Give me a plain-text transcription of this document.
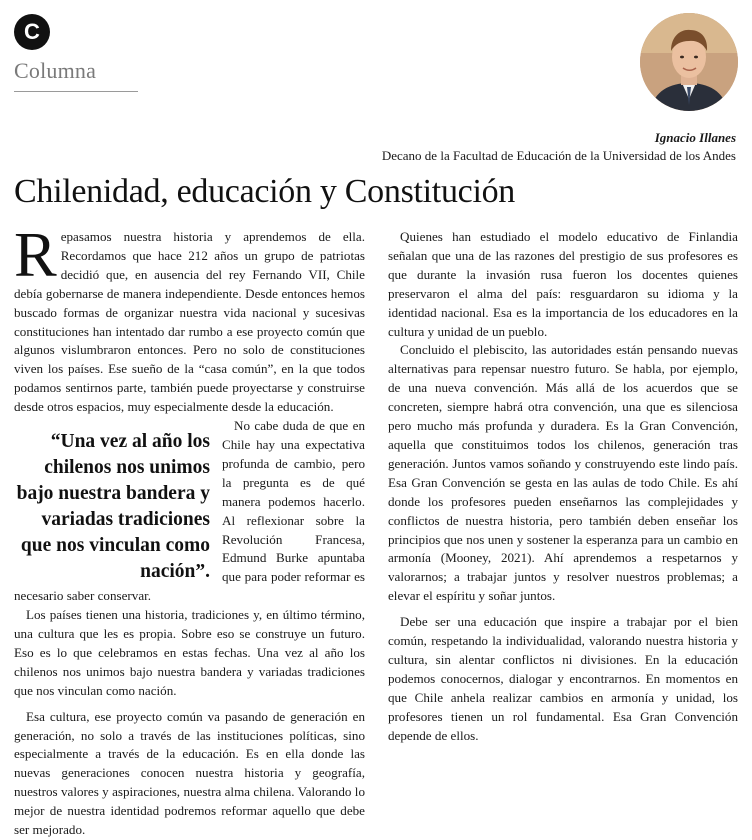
C
Columna
Ignacio Illanes
Decano de la Facultad de Educación de la Universidad de los Andes
Chilenidad, educación y Constitución

Repasamos nuestra historia y aprendemos de ella. Recordamos que hace 212 años un grupo de patriotas decidió que, en ausencia del rey Fernando VII, Chile debía gobernarse de manera independiente. Desde entonces hemos buscado formas de organizar nuestra vida nacional y sucesivas constituciones han intentado dar rumbo a ese proyecto común que algunos vislumbraron entonces. Pero no solo de constituciones viven los países. Ese sueño de la “casa común”, en la que todos podamos sentirnos parte, también puede proyectarse y construirse desde otros espacios, muy especialmente desde la educación.

“Una vez al año los chilenos nos unimos bajo nuestra bandera y variadas tradiciones que nos vinculan como nación”.

No cabe duda de que en Chile hay una expectativa profunda de cambio, pero la pregunta es de qué manera podemos hacerlo. Al reflexionar sobre la Revolución Francesa, Edmund Burke apuntaba que para poder reformar es necesario saber conservar.

Los países tienen una historia, tradiciones y, en último término, una cultura que les es propia. Sobre eso se construye un futuro. Eso es lo que celebramos en estas fechas. Una vez al año los chilenos nos unimos bajo nuestra bandera y variadas tradiciones que nos vinculan como nación.

Esa cultura, ese proyecto común va pasando de generación en generación, no solo a través de las instituciones políticas, sino especialmente a través de la educación. Es en ella donde las nuevas generaciones conocen nuestra historia y geografía, nuestros valores y aspiraciones, nuestra alma chilena. Valorando lo mejor de nuestra identidad podremos reformar aquello que debe ser mejorado.

Quienes han estudiado el modelo educativo de Finlandia señalan que una de las razones del prestigio de sus profesores es que durante la invasión rusa fueron los docentes quienes preservaron el alma del país: resguardaron su idioma y la identidad nacional. Esa es la importancia de los educadores en la cultura y unidad de un pueblo.

Concluido el plebiscito, las autoridades están pensando nuevas alternativas para repensar nuestro futuro. Se habla, por ejemplo, de una nueva convención. Más allá de los acuerdos que se concreten, siempre habrá otra convención, una que es silenciosa pero mucho más profunda y duradera. Es la Gran Convención, aquella que constituimos todos los chilenos, generación tras generación. Juntos vamos soñando y construyendo este lindo país. Esa Gran Convención se gesta en las aulas de todo Chile. Es ahí donde los profesores pueden enseñarnos las complejidades y conflictos de nuestra historia, pero también deben enseñar los principios que nos unen y sostener la esperanza para un cambio en armonía (Mooney, 2021). Ahí aprendemos a respetarnos y valorarnos; a trabajar juntos y resolver nuestros problemas; a elevar el espíritu y soñar juntos.

Debe ser una educación que inspire a trabajar por el bien común, respetando la individualidad, valorando nuestra historia y cultura, sin alentar conflictos ni divisiones. En la educación podemos conocernos, dialogar y encontrarnos. En momentos en que Chile anhela realizar cambios en armonía y unidad, los profesores tienen un rol fundamental. Esa Gran Convención depende de ellos.
